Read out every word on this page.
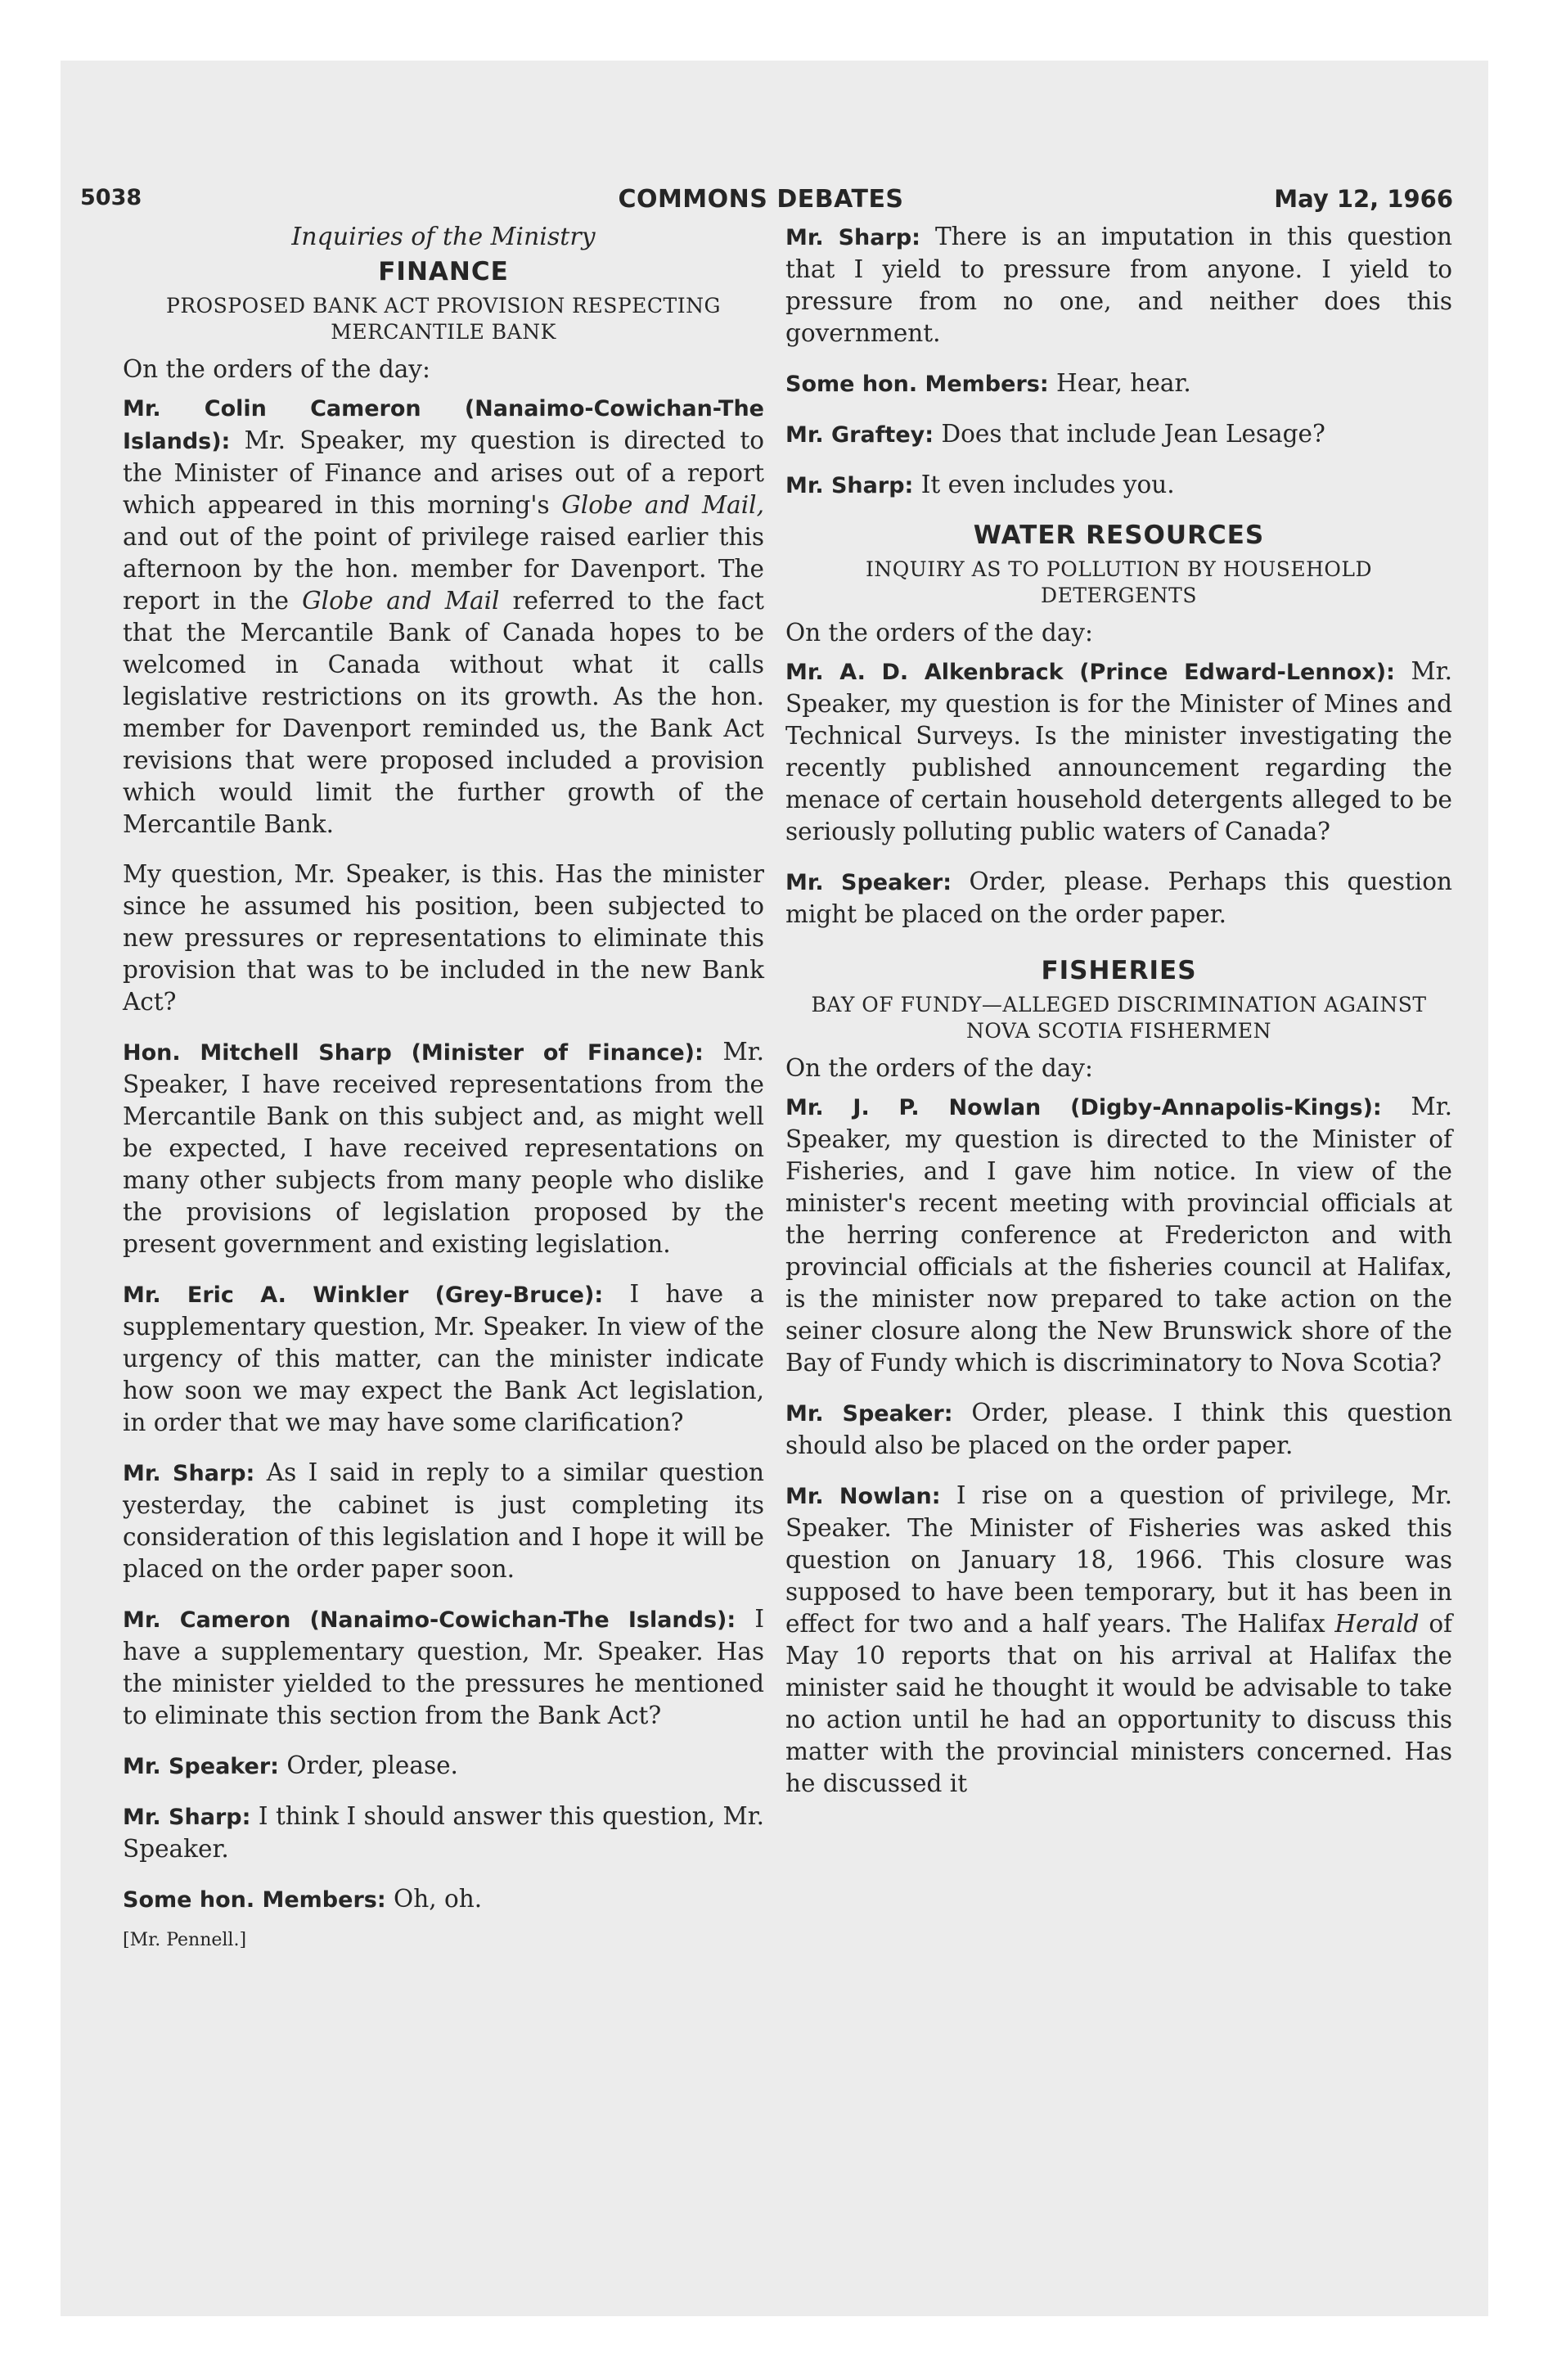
5038	COMMONS DEBATES	May 12, 1966
Inquiries of the Ministry
FINANCE
PROSPOSED BANK ACT PROVISION RESPECTING MERCANTILE BANK

On the orders of the day:

Mr. Colin Cameron (Nanaimo-Cowichan-The Islands): Mr. Speaker, my question is directed to the Minister of Finance and arises out of a report which appeared in this morning's Globe and Mail, and out of the point of privilege raised earlier this afternoon by the hon. member for Davenport. The report in the Globe and Mail referred to the fact that the Mercantile Bank of Canada hopes to be welcomed in Canada without what it calls legislative restrictions on its growth. As the hon. member for Davenport reminded us, the Bank Act revisions that were proposed included a provision which would limit the further growth of the Mercantile Bank.

My question, Mr. Speaker, is this. Has the minister since he assumed his position, been subjected to new pressures or representations to eliminate this provision that was to be included in the new Bank Act?

Hon. Mitchell Sharp (Minister of Finance): Mr. Speaker, I have received representations from the Mercantile Bank on this subject and, as might well be expected, I have received representations on many other subjects from many people who dislike the provisions of legislation proposed by the present government and existing legislation.

Mr. Eric A. Winkler (Grey-Bruce): I have a supplementary question, Mr. Speaker. In view of the urgency of this matter, can the minister indicate how soon we may expect the Bank Act legislation, in order that we may have some clarification?

Mr. Sharp: As I said in reply to a similar question yesterday, the cabinet is just completing its consideration of this legislation and I hope it will be placed on the order paper soon.

Mr. Cameron (Nanaimo-Cowichan-The Islands): I have a supplementary question, Mr. Speaker. Has the minister yielded to the pressures he mentioned to eliminate this section from the Bank Act?

Mr. Speaker: Order, please.

Mr. Sharp: I think I should answer this question, Mr. Speaker.

Some hon. Members: Oh, oh.

[Mr. Pennell.]

Mr. Sharp: There is an imputation in this question that I yield to pressure from anyone. I yield to pressure from no one, and neither does this government.

Some hon. Members: Hear, hear.

Mr. Graftey: Does that include Jean Lesage?

Mr. Sharp: It even includes you.

WATER RESOURCES
INQUIRY AS TO POLLUTION BY HOUSEHOLD DETERGENTS

On the orders of the day:

Mr. A. D. Alkenbrack (Prince Edward-Lennox): Mr. Speaker, my question is for the Minister of Mines and Technical Surveys. Is the minister investigating the recently published announcement regarding the menace of certain household detergents alleged to be seriously polluting public waters of Canada?

Mr. Speaker: Order, please. Perhaps this question might be placed on the order paper.

FISHERIES
BAY OF FUNDY—ALLEGED DISCRIMINATION AGAINST NOVA SCOTIA FISHERMEN

On the orders of the day:

Mr. J. P. Nowlan (Digby-Annapolis-Kings): Mr. Speaker, my question is directed to the Minister of Fisheries, and I gave him notice. In view of the minister's recent meeting with provincial officials at the herring conference at Fredericton and with provincial officials at the fisheries council at Halifax, is the minister now prepared to take action on the seiner closure along the New Brunswick shore of the Bay of Fundy which is discriminatory to Nova Scotia?

Mr. Speaker: Order, please. I think this question should also be placed on the order paper.

Mr. Nowlan: I rise on a question of privilege, Mr. Speaker. The Minister of Fisheries was asked this question on January 18, 1966. This closure was supposed to have been temporary, but it has been in effect for two and a half years. The Halifax Herald of May 10 reports that on his arrival at Halifax the minister said he thought it would be advisable to take no action until he had an opportunity to discuss this matter with the provincial ministers concerned. Has he discussed it
